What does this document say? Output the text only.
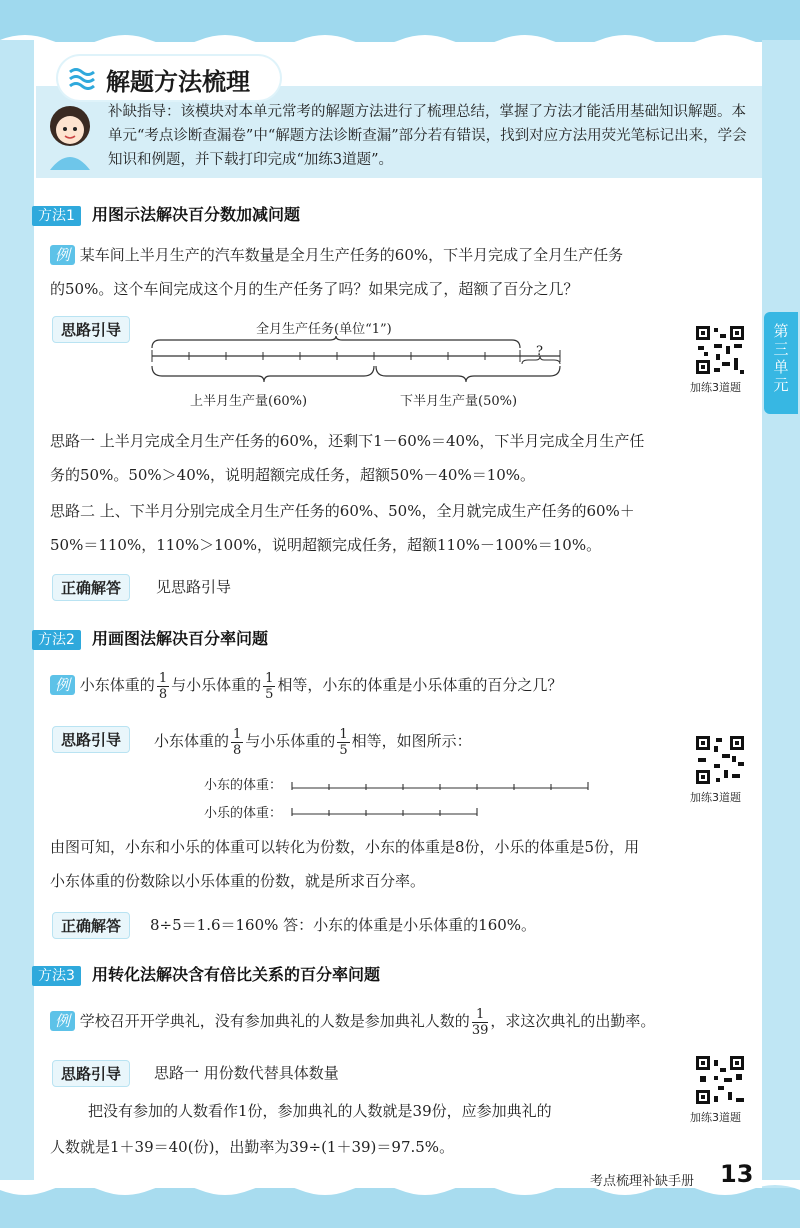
解题方法梳理
补缺指导：该模块对本单元常考的解题方法进行了梳理总结，掌握了方法才能活用基础知识解题。本单元“考点诊断查漏卷”中“解题方法诊断查漏”部分若有错误，找到对应方法用荧光笔标记出来，学会知识和例题，并下载打印完成“加练3道题”。
第
三
单
元
方法1 用图示法解决百分数加减问题
例 某车间上半月生产的汽车数量是全月生产任务的60%，下半月完成了全月生产任务
的50%。这个车间完成这个月的生产任务了吗？如果完成了，超额了百分之几？
思路引导	全月生产任务(单位“1”)
?
上半月生产量(60%)	下半月生产量(50%)
加练3道题
思路一 上半月完成全月生产任务的60%，还剩下1－60%＝40%，下半月完成全月生产任
务的50%。50%＞40%，说明超额完成任务，超额50%－40%＝10%。
思路二 上、下半月分别完成全月生产任务的60%、50%，全月就完成生产任务的60%＋
50%＝110%，110%＞100%，说明超额完成任务，超额110%－100%＝10%。
正确解答	见思路引导
方法2 用画图法解决百分率问题
例 小东体重的 $\frac{1}{8}$ 与小乐体重的 $\frac{1}{5}$ 相等，小东的体重是小乐体重的百分之几？
思路引导	小东体重的 $\frac{1}{8}$ 与小乐体重的 $\frac{1}{5}$ 相等，如图所示：
小东的体重：
小乐的体重：
加练3道题
由图可知，小东和小乐的体重可以转化为份数，小东的体重是8份，小乐的体重是5份，用
小东体重的份数除以小乐体重的份数，就是所求百分率。
正确解答	8÷5＝1.6＝160% 答：小东的体重是小乐体重的160%。
方法3 用转化法解决含有倍比关系的百分率问题
例 学校召开开学典礼，没有参加典礼的人数是参加典礼人数的 $\frac{1}{39}$ ，求这次典礼的出勤率。
思路引导	思路一 用份数代替具体数量
加练3道题
把没有参加的人数看作1份，参加典礼的人数就是39份，应参加典礼的
人数就是1＋39＝40(份)，出勤率为39÷(1＋39)＝97.5%。
考点梳理补缺手册 13
